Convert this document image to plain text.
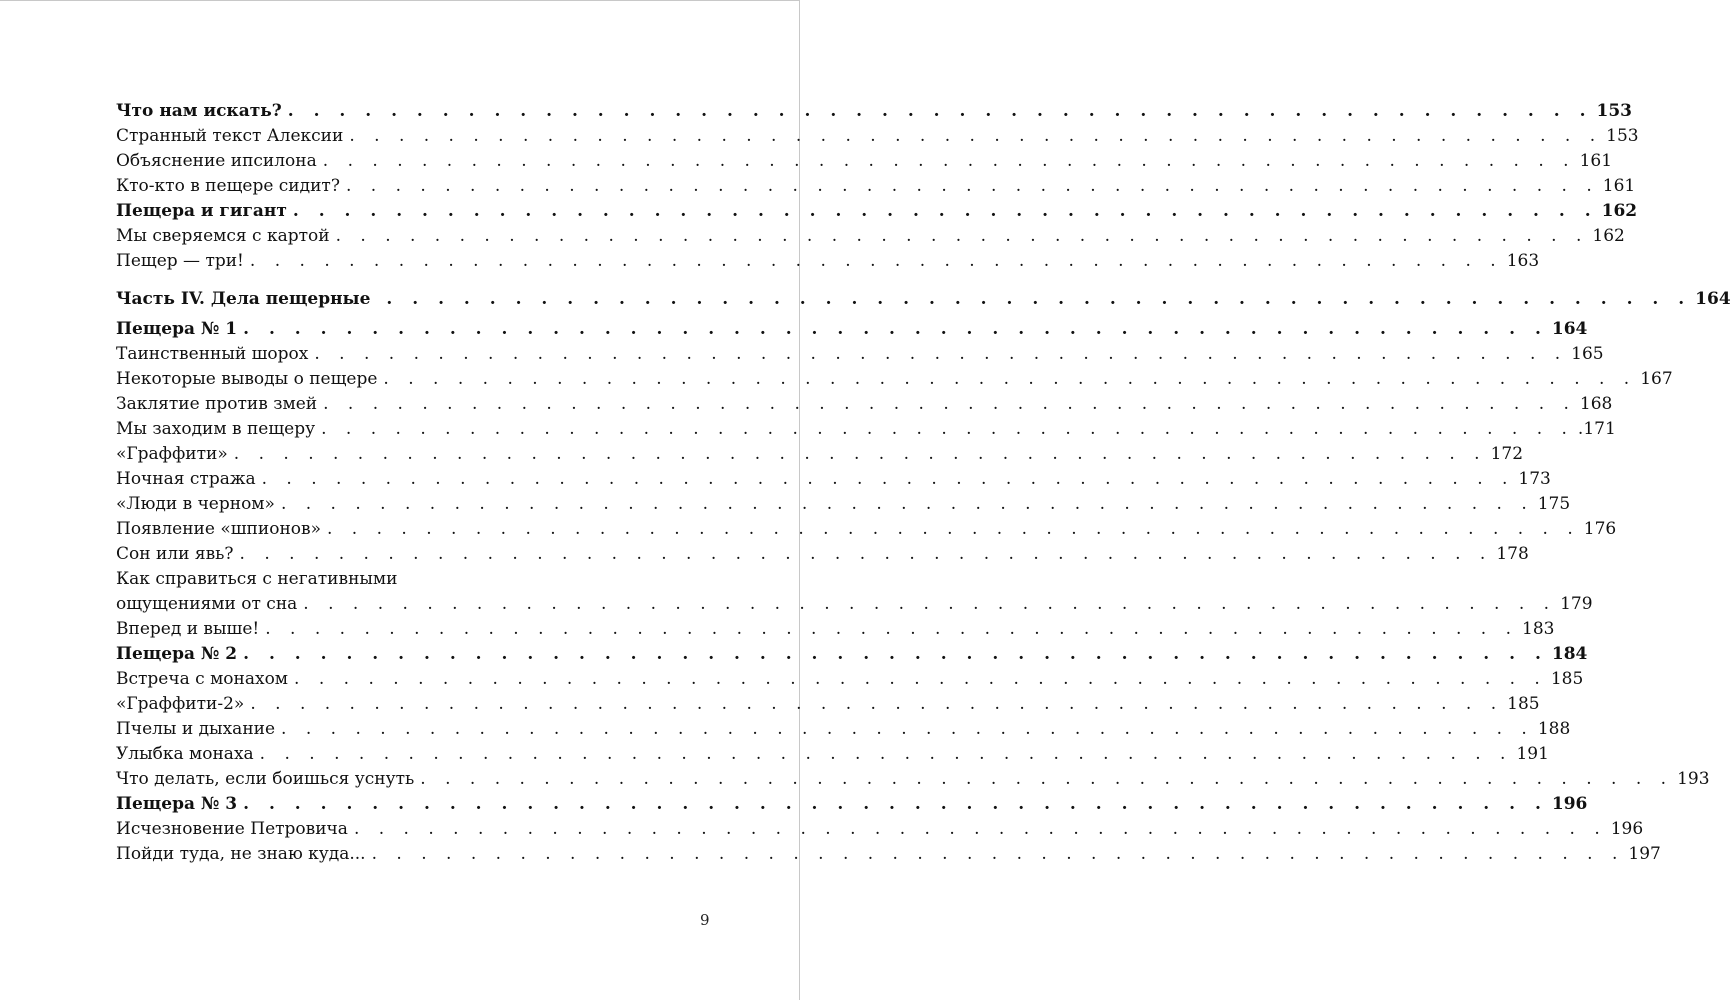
Что нам искать? . . . . . . . . . . . . . . . . . . . . . . . . . . . . . . . . . . . . . . . . . . . . . . . . . . . 153
Странный текст Алексии . . . . . . . . . . . . . . . . . . . . . . . . . . . . . . . . . . . . . . . . . . . . . . . . . . . 153
Объяснение ипсилона . . . . . . . . . . . . . . . . . . . . . . . . . . . . . . . . . . . . . . . . . . . . . . . . . . . 161
Кто-кто в пещере сидит? . . . . . . . . . . . . . . . . . . . . . . . . . . . . . . . . . . . . . . . . . . . . . . . . . . . 161
Пещера и гигант . . . . . . . . . . . . . . . . . . . . . . . . . . . . . . . . . . . . . . . . . . . . . . . . . . . 162
Мы сверяемся с картой . . . . . . . . . . . . . . . . . . . . . . . . . . . . . . . . . . . . . . . . . . . . . . . . . . . 162
Пещер — три! . . . . . . . . . . . . . . . . . . . . . . . . . . . . . . . . . . . . . . . . . . . . . . . . . . . 163
Часть IV. Дела пещерные . . . . . . . . . . . . . . . . . . . . . . . . . . . . . . . . . . . . . . . . . . . . . . . . . . . 164
Пещера № 1 . . . . . . . . . . . . . . . . . . . . . . . . . . . . . . . . . . . . . . . . . . . . . . . . . . . 164
Таинственный шорох . . . . . . . . . . . . . . . . . . . . . . . . . . . . . . . . . . . . . . . . . . . . . . . . . . . 165
Некоторые выводы о пещере . . . . . . . . . . . . . . . . . . . . . . . . . . . . . . . . . . . . . . . . . . . . . . . . . . . 167
Заклятие против змей . . . . . . . . . . . . . . . . . . . . . . . . . . . . . . . . . . . . . . . . . . . . . . . . . . . 168
Мы заходим в пещеру . . . . . . . . . . . . . . . . . . . . . . . . . . . . . . . . . . . . . . . . . . . . . . . . . . . .171
«Граффити» . . . . . . . . . . . . . . . . . . . . . . . . . . . . . . . . . . . . . . . . . . . . . . . . . . . 172
Ночная стража . . . . . . . . . . . . . . . . . . . . . . . . . . . . . . . . . . . . . . . . . . . . . . . . . . . 173
«Люди в черном» . . . . . . . . . . . . . . . . . . . . . . . . . . . . . . . . . . . . . . . . . . . . . . . . . . . 175
Появление «шпионов» . . . . . . . . . . . . . . . . . . . . . . . . . . . . . . . . . . . . . . . . . . . . . . . . . . . 176
Сон или явь? . . . . . . . . . . . . . . . . . . . . . . . . . . . . . . . . . . . . . . . . . . . . . . . . . . . 178
Как справиться с негативными
ощущениями от сна . . . . . . . . . . . . . . . . . . . . . . . . . . . . . . . . . . . . . . . . . . . . . . . . . . . 179
Вперед и выше! . . . . . . . . . . . . . . . . . . . . . . . . . . . . . . . . . . . . . . . . . . . . . . . . . . . 183
Пещера № 2 . . . . . . . . . . . . . . . . . . . . . . . . . . . . . . . . . . . . . . . . . . . . . . . . . . . 184
Встреча с монахом . . . . . . . . . . . . . . . . . . . . . . . . . . . . . . . . . . . . . . . . . . . . . . . . . . . 185
«Граффити-2» . . . . . . . . . . . . . . . . . . . . . . . . . . . . . . . . . . . . . . . . . . . . . . . . . . . 185
Пчелы и дыхание . . . . . . . . . . . . . . . . . . . . . . . . . . . . . . . . . . . . . . . . . . . . . . . . . . . 188
Улыбка монаха . . . . . . . . . . . . . . . . . . . . . . . . . . . . . . . . . . . . . . . . . . . . . . . . . . . 191
Что делать, если боишься уснуть . . . . . . . . . . . . . . . . . . . . . . . . . . . . . . . . . . . . . . . . . . . . . . . . . . . 193
Пещера № 3 . . . . . . . . . . . . . . . . . . . . . . . . . . . . . . . . . . . . . . . . . . . . . . . . . . . 196
Исчезновение Петровича . . . . . . . . . . . . . . . . . . . . . . . . . . . . . . . . . . . . . . . . . . . . . . . . . . . 196
Пойди туда, не знаю куда... . . . . . . . . . . . . . . . . . . . . . . . . . . . . . . . . . . . . . . . . . . . . . . . . . . . 197
9
